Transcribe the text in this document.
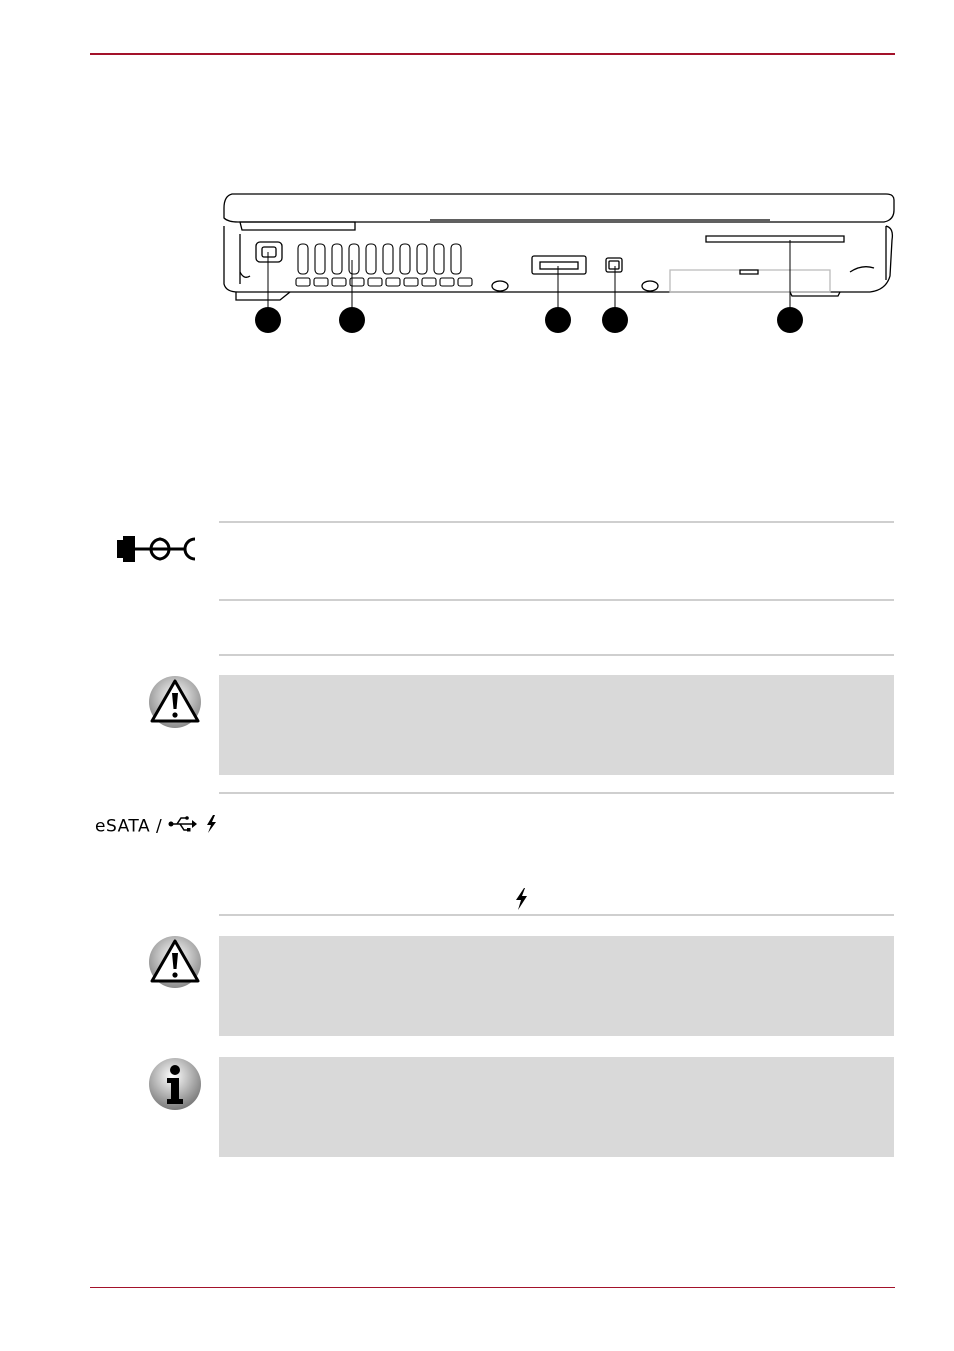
eSATA /
